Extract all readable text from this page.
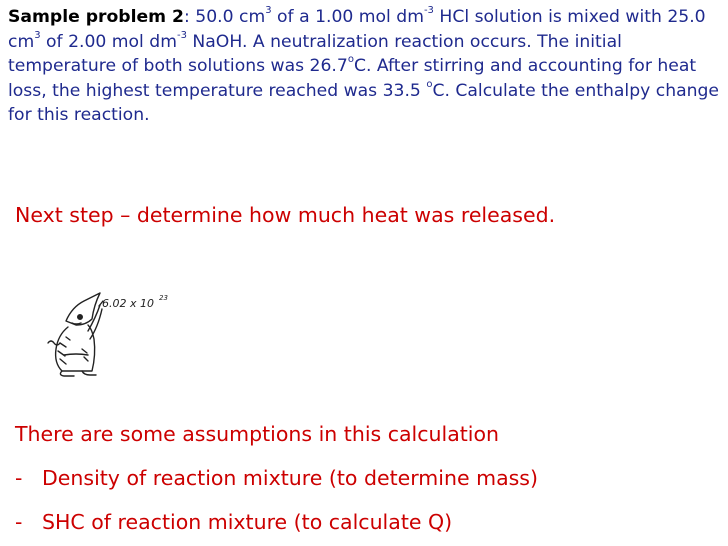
Sample problem 2: 50.0 $cm^3$ of a 1.00 mol $dm^{-3}$ HCl solution is mixed with 25.0 $cm^3$ of 2.00 mol $dm^{-3}$ NaOH. A neutralization reaction occurs. The initial temperature of both solutions was 26.7$^o$C. After stirring and accounting for heat loss, the highest temperature reached was 33.5 $^o$C. Calculate the enthalpy change for this reaction.
Next step – determine how much heat was released.
6.02 x 10 23
There are some assumptions in this calculation
- Density of reaction mixture (to determine mass)
- SHC of reaction mixture (to calculate Q)
